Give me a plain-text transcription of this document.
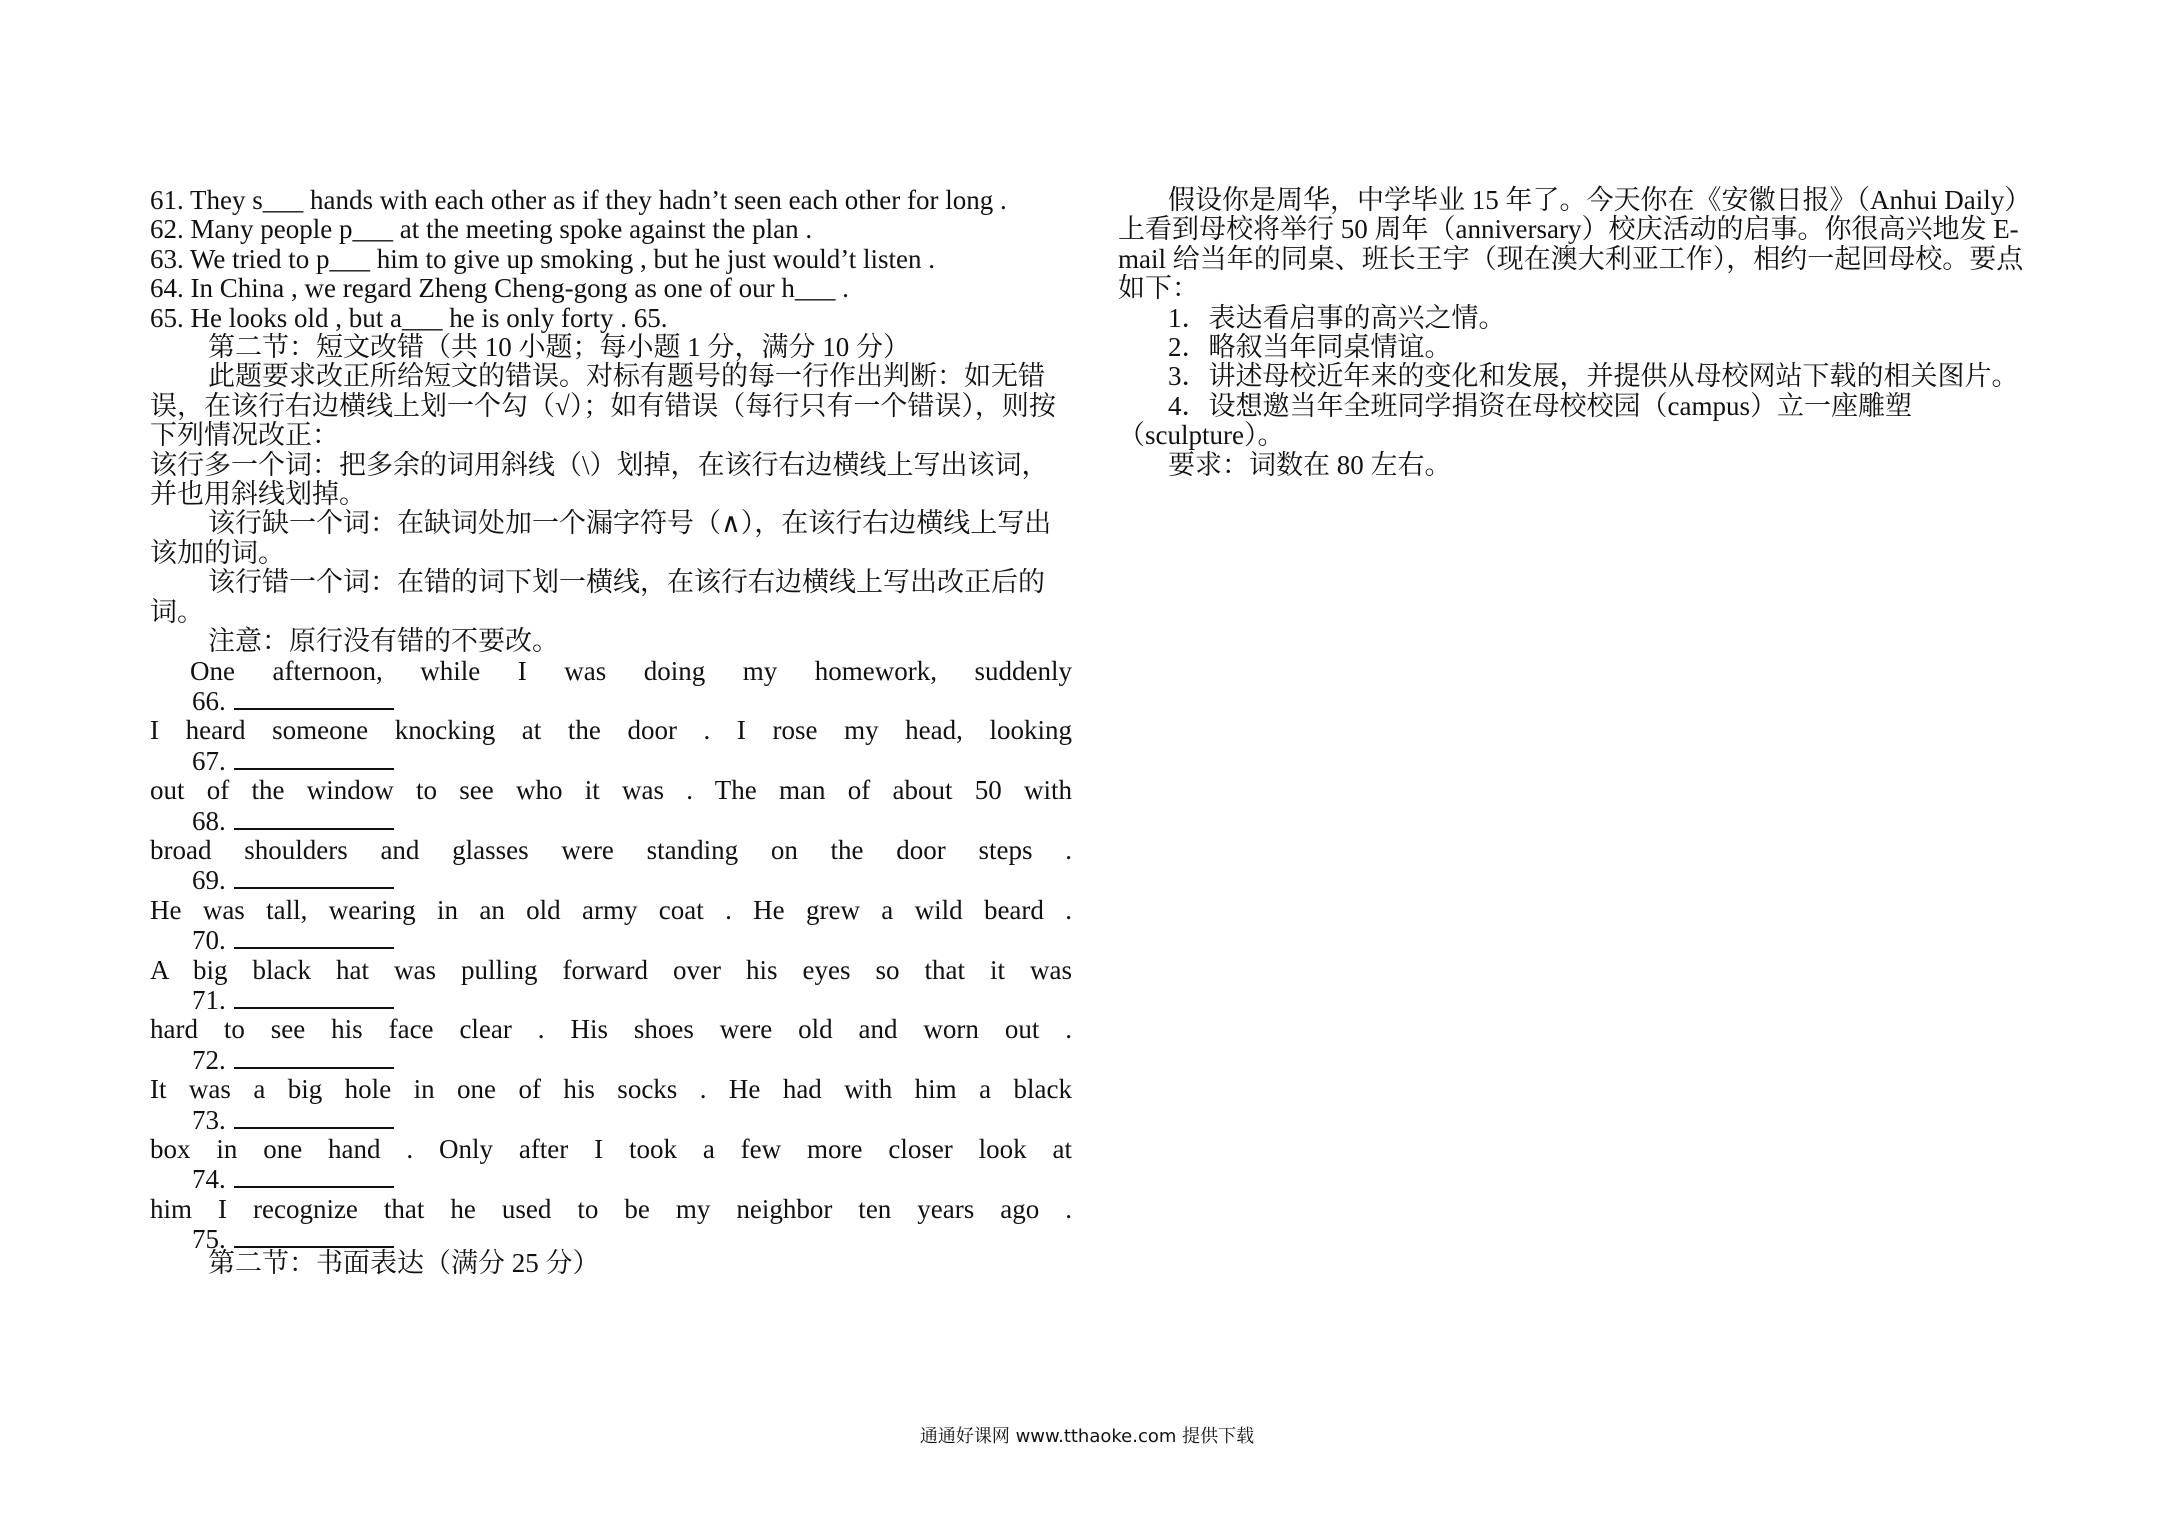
61. They s___ hands with each other as if they hadn’t seen each other for long .
62. Many people p___ at the meeting spoke against the plan .
63. We tried to p___ him to give up smoking , but he just would’t listen .
64. In China , we regard Zheng Cheng-gong as one of our h___ .
65. He looks old , but a___ he is only forty . 65.
第二节：短文改错（共 10 小题；每小题 1 分，满分 10 分）
此题要求改正所给短文的错误。对标有题号的每一行作出判断：如无错误，在该行右边横线上划一个勾（√）；如有错误（每行只有一个错误），则按下列情况改正：
该行多一个词：把多余的词用斜线（\）划掉，在该行右边横线上写出该词，并也用斜线划掉。
该行缺一个词：在缺词处加一个漏字符号（∧），在该行右边横线上写出该加的词。
该行错一个词：在错的词下划一横线，在该行右边横线上写出改正后的词。
注意：原行没有错的不要改。
One afternoon, while I was doing my homework, suddenly
66.
I heard someone knocking at the door . I rose my head, looking
67.
out of the window to see who it was . The man of about 50 with
68.
broad shoulders and glasses were standing on the door steps .
69.
He was tall, wearing in an old army coat . He grew a wild beard .
70.
A big black hat was pulling forward over his eyes so that it was
71.
hard to see his face clear . His shoes were old and worn out .
72.
It was a big hole in one of his socks . He had with him a black
73.
box in one hand . Only after I took a few more closer look at
74.
him I recognize that he used to be my neighbor ten years ago .
75.
第二节：书面表达（满分 25 分）
假设你是周华，中学毕业 15 年了。今天你在《安徽日报》（Anhui Daily）上看到母校将举行 50 周年（anniversary）校庆活动的启事。你很高兴地发 E-mail 给当年的同桌、班长王宇（现在澳大利亚工作），相约一起回母校。要点如下：
1．表达看启事的高兴之情。
2．略叙当年同桌情谊。
3．讲述母校近年来的变化和发展，并提供从母校网站下载的相关图片。
4．设想邀当年全班同学捐资在母校校园（campus）立一座雕塑（sculpture）。
要求：词数在 80 左右。
通通好课网 www.tthaoke.com 提供下载
